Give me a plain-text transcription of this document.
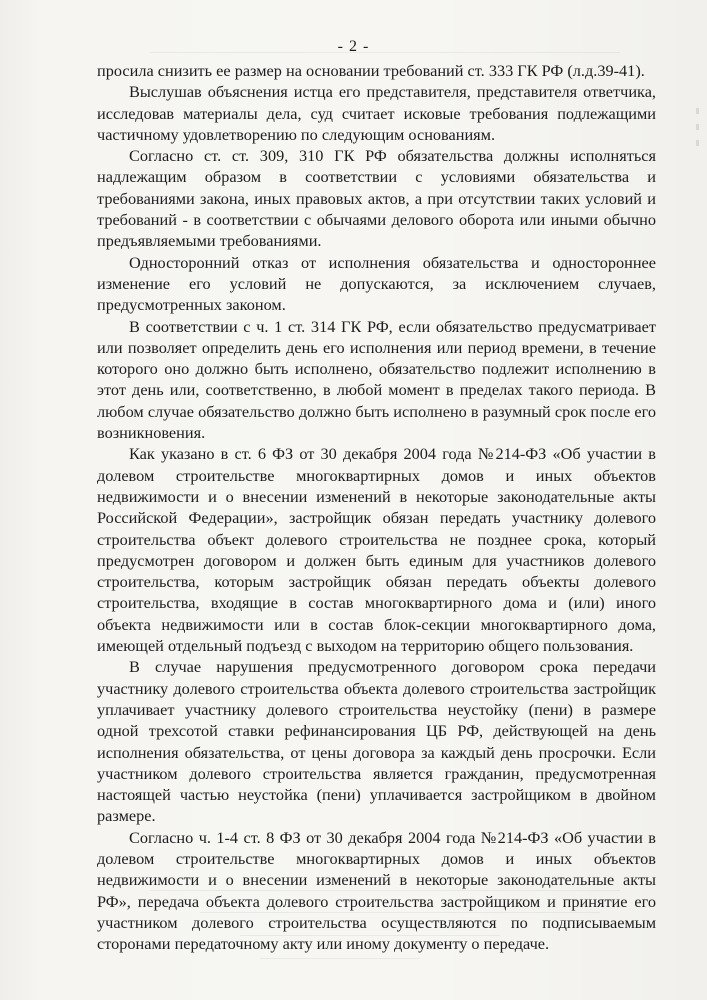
- 2 -

просила снизить ее размер на основании требований ст. 333 ГК РФ (л.д.39-41).

Выслушав объяснения истца его представителя, представителя ответчика, исследовав материалы дела, суд считает исковые требования подлежащими частичному удовлетворению по следующим основаниям.

Согласно ст. ст. 309, 310 ГК РФ обязательства должны исполняться надлежащим образом в соответствии с условиями обязательства и требованиями закона, иных правовых актов, а при отсутствии таких условий и требований - в соответствии с обычаями делового оборота или иными обычно предъявляемыми требованиями.

Односторонний отказ от исполнения обязательства и одностороннее изменение его условий не допускаются, за исключением случаев, предусмотренных законом.

В соответствии с ч. 1 ст. 314 ГК РФ, если обязательство предусматривает или позволяет определить день его исполнения или период времени, в течение которого оно должно быть исполнено, обязательство подлежит исполнению в этот день или, соответственно, в любой момент в пределах такого периода. В любом случае обязательство должно быть исполнено в разумный срок после его возникновения.

Как указано в ст. 6 ФЗ от 30 декабря 2004 года №214-ФЗ «Об участии в долевом строительстве многоквартирных домов и иных объектов недвижимости и о внесении изменений в некоторые законодательные акты Российской Федерации», застройщик обязан передать участнику долевого строительства объект долевого строительства не позднее срока, который предусмотрен договором и должен быть единым для участников долевого строительства, которым застройщик обязан передать объекты долевого строительства, входящие в состав многоквартирного дома и (или) иного объекта недвижимости или в состав блок-секции многоквартирного дома, имеющей отдельный подъезд с выходом на территорию общего пользования.

В случае нарушения предусмотренного договором срока передачи участнику долевого строительства объекта долевого строительства застройщик уплачивает участнику долевого строительства неустойку (пени) в размере одной трехсотой ставки рефинансирования ЦБ РФ, действующей на день исполнения обязательства, от цены договора за каждый день просрочки. Если участником долевого строительства является гражданин, предусмотренная настоящей частью неустойка (пени) уплачивается застройщиком в двойном размере.

Согласно ч. 1-4 ст. 8 ФЗ от 30 декабря 2004 года №214-ФЗ «Об участии в долевом строительстве многоквартирных домов и иных объектов недвижимости и о внесении изменений в некоторые законодательные акты РФ», передача объекта долевого строительства застройщиком и принятие его участником долевого строительства осуществляются по подписываемым сторонами передаточному акту или иному документу о передаче.
